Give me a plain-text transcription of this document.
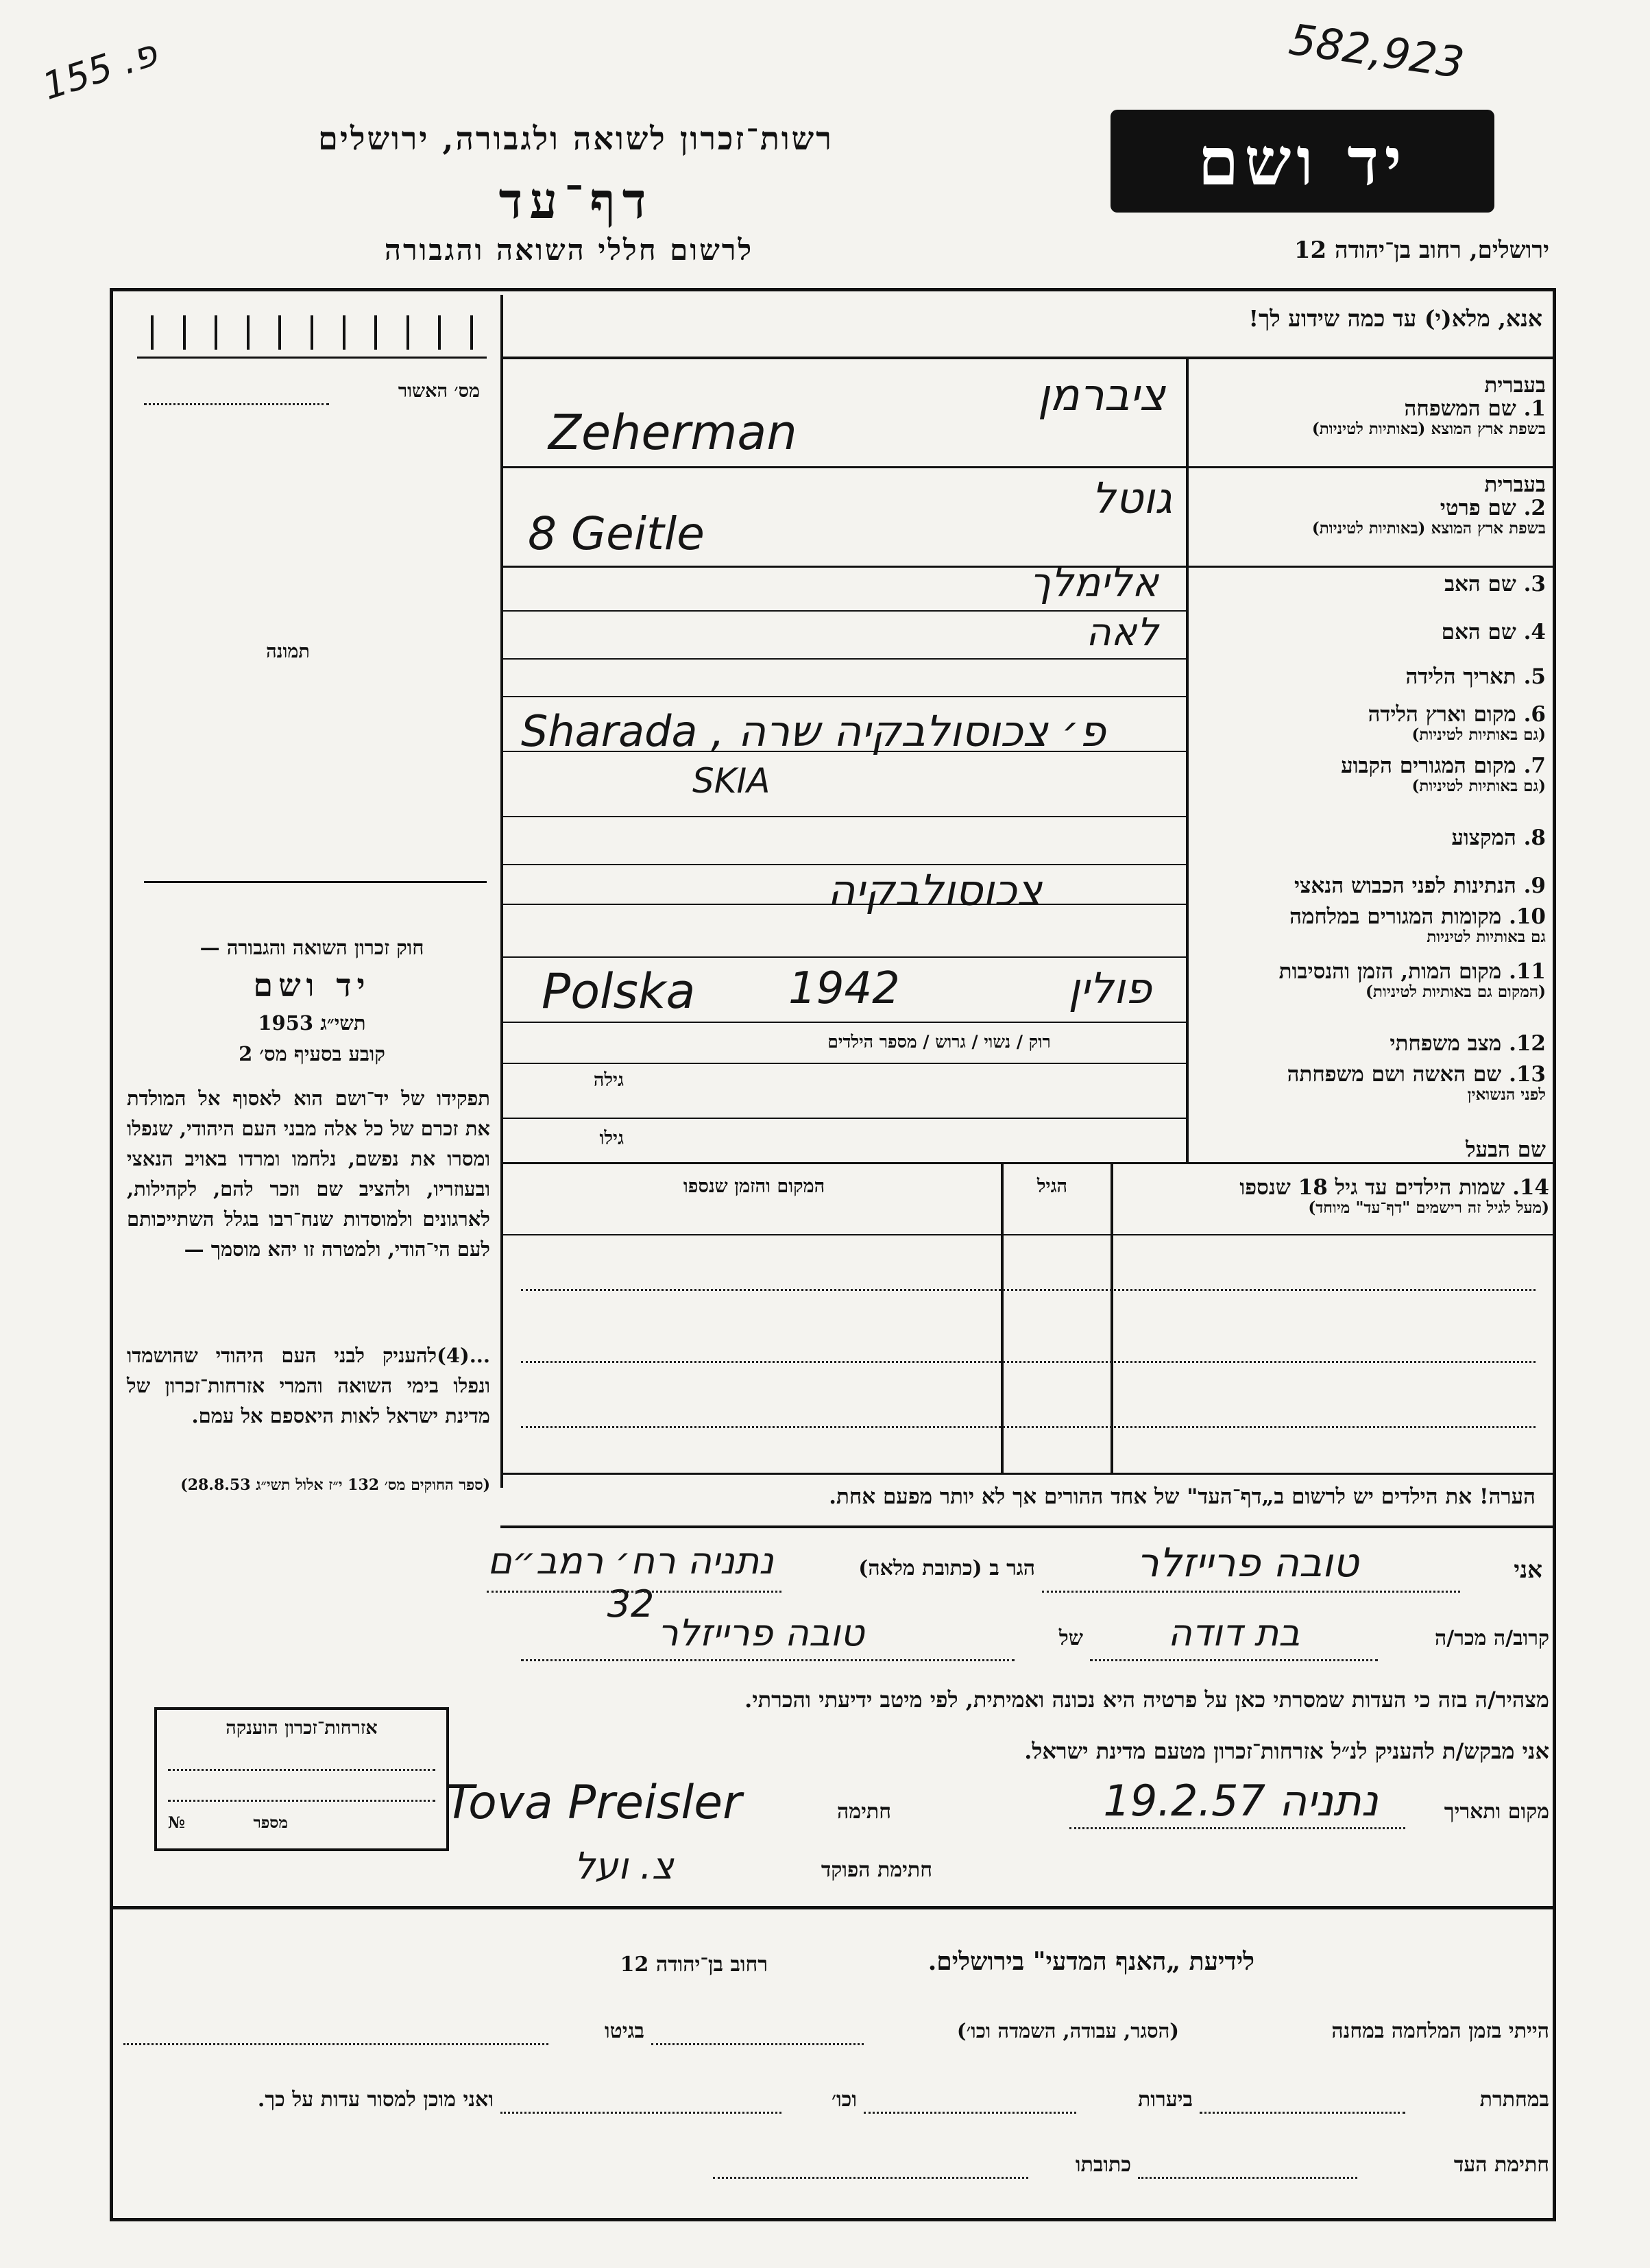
582,923
פ. 155
רשות־זכרון לשואה ולגבורה, ירושלים
דף־עד
לרשום חללי השואה והגבורה
יד ושם
ירושלים, רחוב בן־יהודה 12
מס׳ האשור
תמונה
חוק זכרון השואה והגבורה —
יד ושם
תשי״ג 1953
קובע בסעיף מס׳ 2
תפקידו של יד־ושם הוא לאסוף אל המולדת את זכרם של כל אלה מבני העם היהודי, שנפלו ומסרו את נפשם, נלחמו ומרדו באויב הנאצי ובעוזריו, ולהציב שם וזכר להם, לקהילות, לארגונים ולמוסדות שנח־רבו בגלל השתייכותם לעם הי־הודי, ולמטרה זו יהא מוסמך —
...(4)להעניק לבני העם היהודי שהושמדו ונפלו בימי השואה והמרי אזרחות־זכרון של מדינת ישראל לאות היאספם אל עמם.
(ספר החוקים מס׳ 132 י״ז אלול תשי״ג 28.8.53)
אנא, מלא(י) עד כמה שידוע לך!
בעברית
1. שם המשפחה
בשפת ארץ המוצא (באותיות לטיניות)
בעברית
2. שם פרטי
בשפת ארץ המוצא (באותיות לטיניות)
3. שם האב
4. שם האם
5. תאריך הלידה
6. מקום וארץ הלידה
(גם באותיות לטיניות)
7. מקום המגורים הקבוע
(גם באותיות לטיניות)
8. המקצוע
9. הנתינות לפני הכבוש הנאצי
10. מקומות המגורים במלחמה
גם באותיות לטיניות
11. מקום המות, הזמן והנסיבות
(המקום גם באותיות לטיניות)
12. מצב משפחתי
13. שם האשה ושם משפחתה
לפני הנשואין
שם הבעל
ציברמן
Zeherman
גוטל
8 Geitle
אלימלך
לאה
Sharada , פ׳ צכוסולבקיה שרה
SKIA
צכוסולבקיה
Polska 1942	פולין
רוק / נשוי / גרוש / מספר הילדים
גילה
גילו
14. שמות הילדים עד גיל 18 שנספו
(מעל לגיל זה רישמים "דף־עד" מיוחד)
הגיל
המקום והזמן שנספו
הערה! את הילדים יש לרשום ב„דף־העד" של אחד ההורים אך לא יותר מפעם אחת.
אני
טובה פרייזלר
הגר ב (כתובת מלאה)
נתניה רח׳ רמב״ם 32
קרוב/ה מכר/ה
בת דודה
של
טובה פרייזלר
מצהיר/ה בזה כי העדות שמסרתי כאן על פרטיה היא נכונה ואמיתית, לפי מיטב ידיעתי והכרתי.
אני מבקש/ת להעניק לנ״ל אזרחות־זכרון מטעם מדינת ישראל.
מקום ותאריך
נתניה 19.2.57
חתימה
Tova Preisler
חתימת הפוקד
צ. ועל
אזרחות־זכרון הוענקה
מספר
№
לידיעת „האנף המדעי" בירושלים.
רחוב בן־יהודה 12
הייתי בזמן המלחמה במחנה
(הסגר, עבודה, השמדה וכו׳)
בגיטו
במחתרת
ביערות
וכו׳
ואני מוכן למסור עדות על כך.
חתימת העד
כתובתו
